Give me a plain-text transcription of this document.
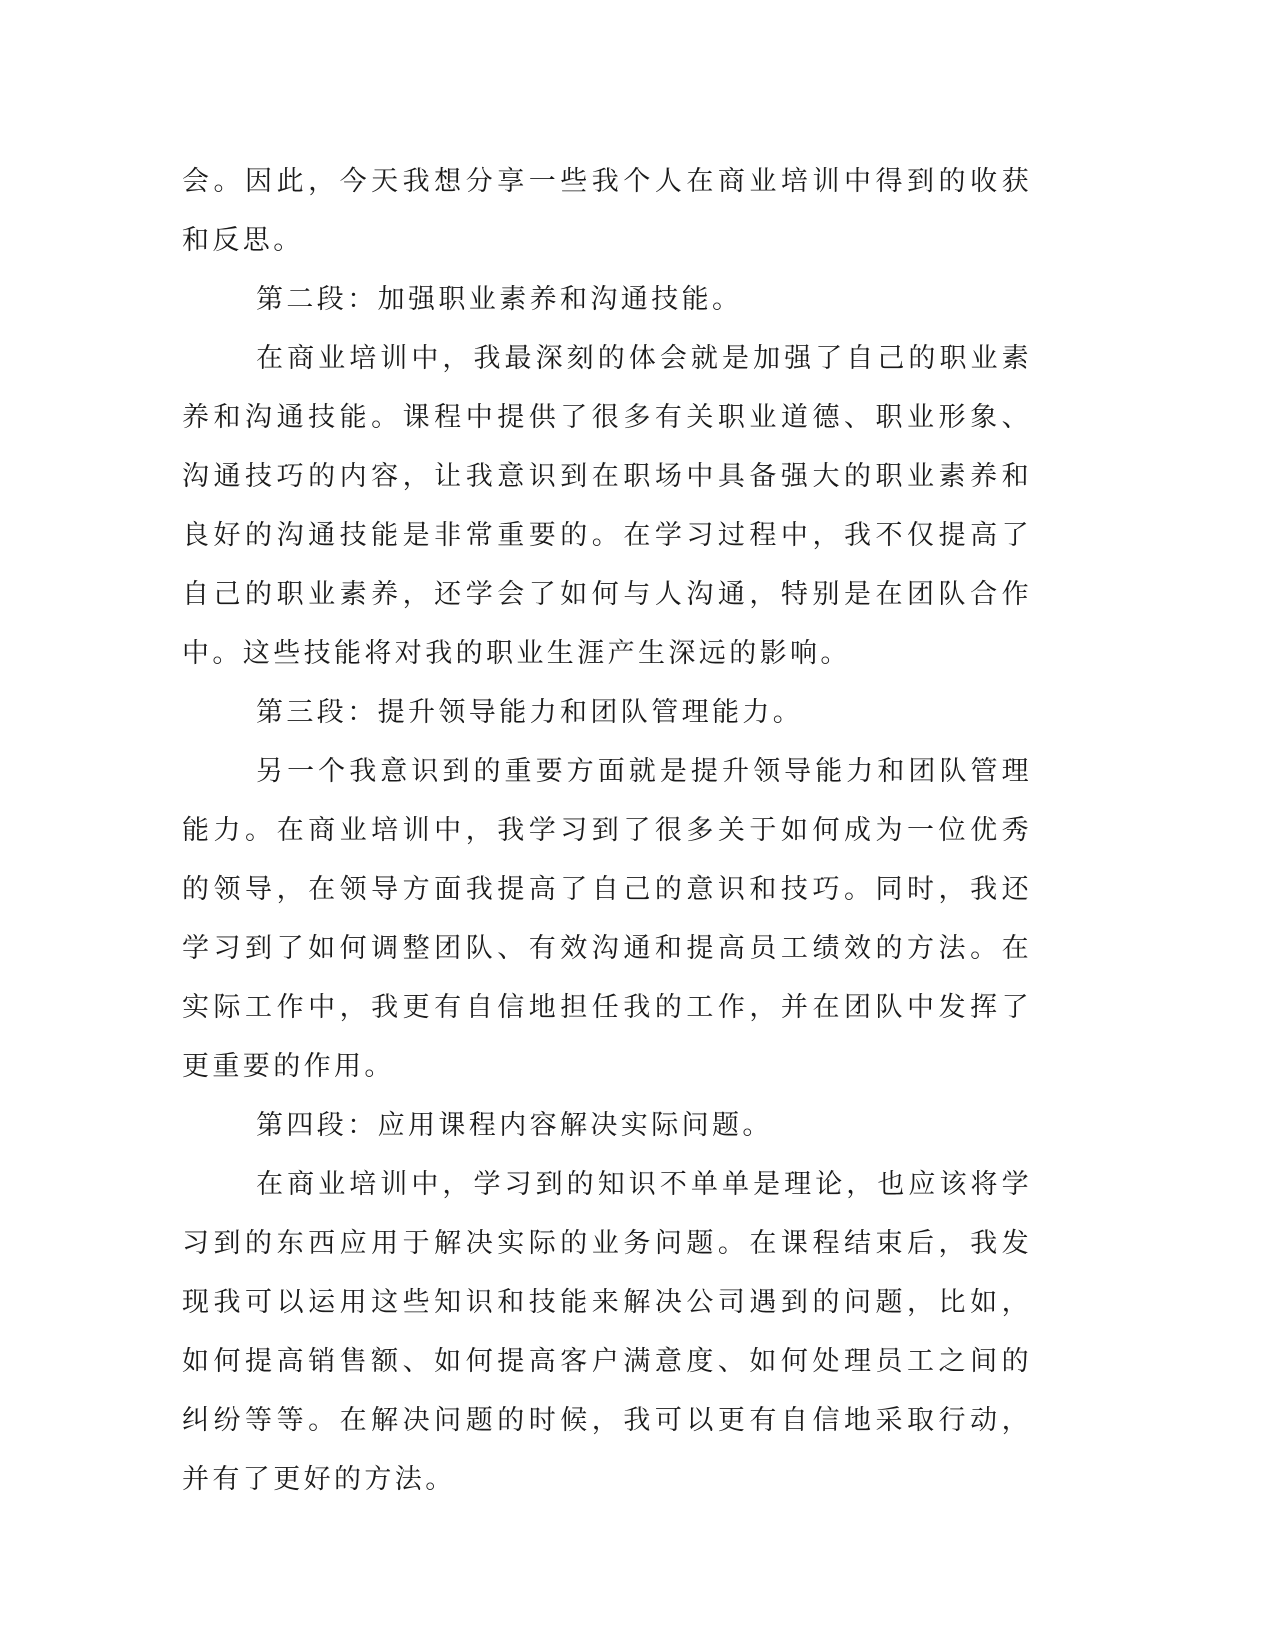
会。因此，今天我想分享一些我个人在商业培训中得到的收获和反思。

第二段：加强职业素养和沟通技能。

在商业培训中，我最深刻的体会就是加强了自己的职业素养和沟通技能。课程中提供了很多有关职业道德、职业形象、沟通技巧的内容，让我意识到在职场中具备强大的职业素养和良好的沟通技能是非常重要的。在学习过程中，我不仅提高了自己的职业素养，还学会了如何与人沟通，特别是在团队合作中。这些技能将对我的职业生涯产生深远的影响。

第三段：提升领导能力和团队管理能力。

另一个我意识到的重要方面就是提升领导能力和团队管理能力。在商业培训中，我学习到了很多关于如何成为一位优秀的领导，在领导方面我提高了自己的意识和技巧。同时，我还学习到了如何调整团队、有效沟通和提高员工绩效的方法。在实际工作中，我更有自信地担任我的工作，并在团队中发挥了更重要的作用。

第四段：应用课程内容解决实际问题。

在商业培训中，学习到的知识不单单是理论，也应该将学习到的东西应用于解决实际的业务问题。在课程结束后，我发现我可以运用这些知识和技能来解决公司遇到的问题，比如，如何提高销售额、如何提高客户满意度、如何处理员工之间的纠纷等等。在解决问题的时候，我可以更有自信地采取行动，并有了更好的方法。
